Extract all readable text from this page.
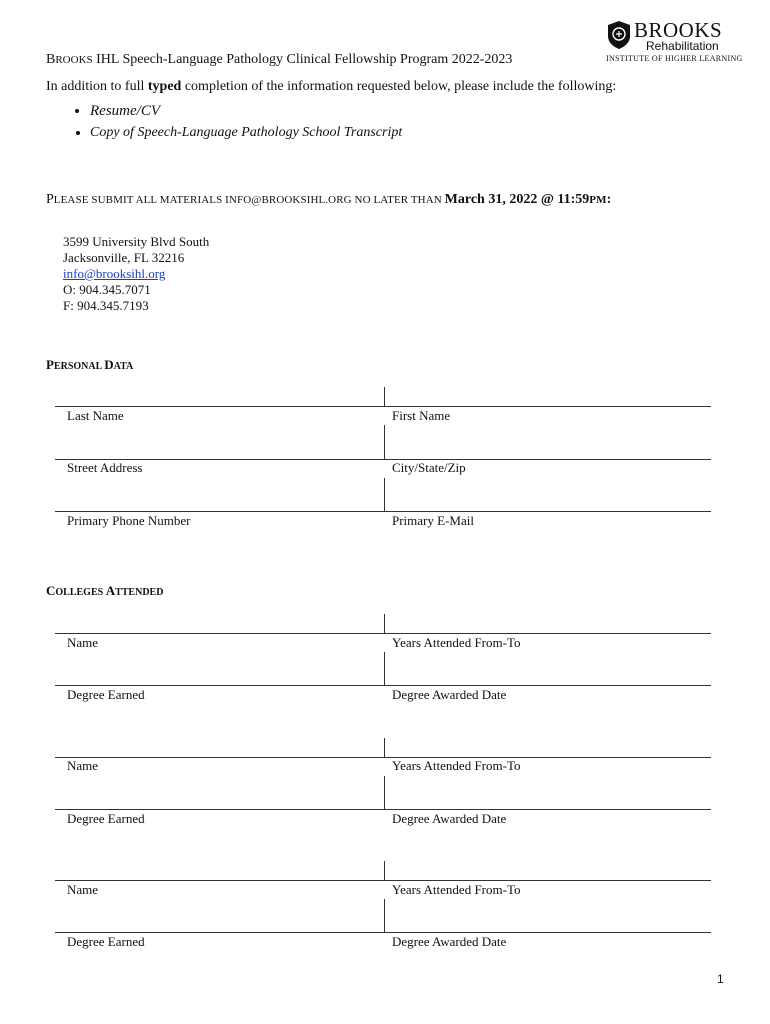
BROOKS
Rehabilitation
INSTITUTE OF HIGHER LEARNING
BROOKS IHL Speech-Language Pathology Clinical Fellowship Program 2022-2023
In addition to full typed completion of the information requested below, please include the following:
• Resume/CV
• Copy of Speech-Language Pathology School Transcript
PLEASE SUBMIT ALL MATERIALS INFO@BROOKSIHL.ORG NO LATER THAN March 31, 2022 @ 11:59PM:
3599 University Blvd South
Jacksonville, FL 32216
info@brooksihl.org
O: 904.345.7071
F: 904.345.7193
PERSONAL DATA
Last Name	First Name
Street Address	City/State/Zip
Primary Phone Number	Primary E-Mail
COLLEGES ATTENDED
Name	Years Attended From-To
Degree Earned	Degree Awarded Date
Name	Years Attended From-To
Degree Earned	Degree Awarded Date
Name	Years Attended From-To
Degree Earned	Degree Awarded Date
1
